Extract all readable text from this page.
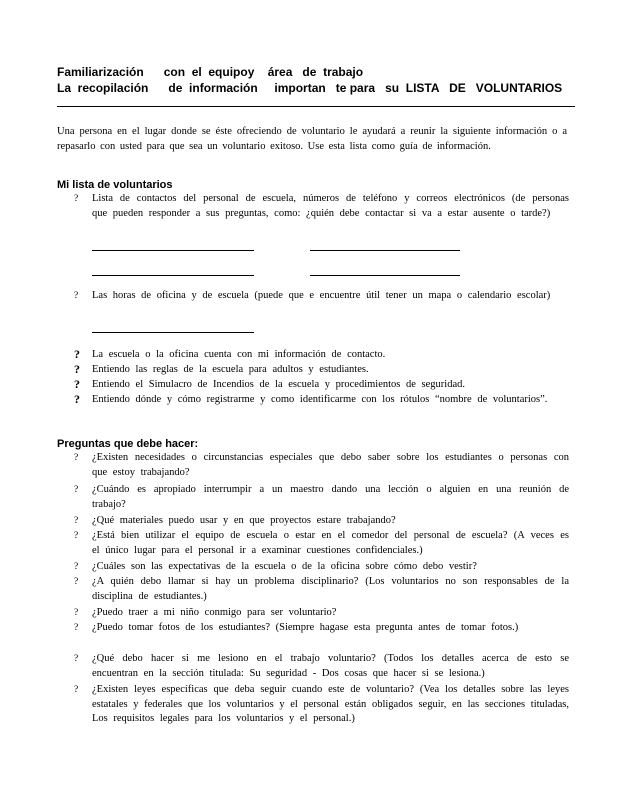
Familiarización      con  el  equipoy    área   de  trabajo
La  recopilación      de  información     importan   te para   su  LISTA   DE   VOLUNTARIOS
Una persona en el lugar donde se éste ofreciendo de voluntario le ayudará a reunir la siguiente información o a repasarlo con usted para que sea un voluntario exitoso. Use esta lista como guía de información.
Mi lista de voluntarios
?	Lista de contactos del personal de escuela, números de teléfono y correos electrónicos (de personas que pueden responder a sus preguntas, como: ¿quién debe contactar si va a estar ausente o tarde?)
?	Las horas de oficina y de escuela (puede que e encuentre útil tener un mapa o calendario escolar)
?	La escuela o la oficina cuenta con mi información de contacto.
?	Entiendo las reglas de la escuela para adultos y estudiantes.
?	Entiendo el Simulacro de Incendios de la escuela y procedimientos de seguridad.
?	Entiendo dónde y cómo registrarme y como identificarme con los rótulos “nombre de voluntarios”.
Preguntas que debe hacer:
?	¿Existen necesidades o circunstancias especiales que debo saber sobre los estudiantes o personas con que estoy trabajando?
?	¿Cuándo es apropiado interrumpir a un maestro dando una lección o alguien en una reunión de trabajo?
?	¿Qué materiales puedo usar y en que proyectos estare trabajando?
?	¿Está bien utilizar el equipo de escuela o estar en el comedor del personal de escuela? (A veces es el único lugar para el personal ir a examinar cuestiones confidenciales.)
?	¿Cuáles son las expectativas de la escuela o de la oficina sobre cómo debo vestir?
?	¿A quién debo llamar si hay un problema disciplinario? (Los voluntarios no son responsables de la disciplina de estudiantes.)
?	¿Puedo traer a mi niño conmigo para ser voluntario?
?	¿Puedo tomar fotos de los estudiantes? (Siempre hagase esta pregunta antes de tomar fotos.)
?	¿Qué debo hacer si me lesiono en el trabajo voluntario? (Todos los detalles acerca de esto se encuentran en la sección titulada: Su seguridad - Dos cosas que hacer si se lesiona.)
?	¿Existen leyes específicas que deba seguir cuando este de voluntario? (Vea los detalles sobre las leyes estatales y federales que los voluntarios y el personal están obligados seguir, en las secciones tituladas, Los requisitos legales para los voluntarios y el personal.)
